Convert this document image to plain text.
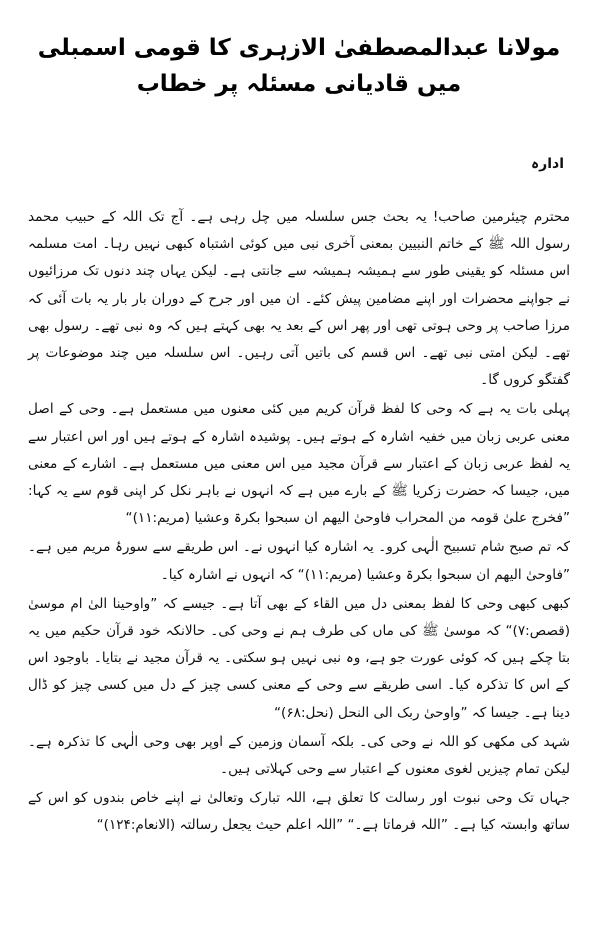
مولانا عبدالمصطفیٰ الازہری کا قومی اسمبلی میں قادیانی مسئلہ پر خطاب
ادارہ

محترم چیئرمین صاحب! یہ بحث جس سلسلہ میں چل رہی ہے۔ آج تک اللہ کے حبیب محمد رسول اللہ ﷺ کے خاتم النبیین بمعنی آخری نبی میں کوئی اشتباہ کبھی نہیں رہا۔ امت مسلمہ اس مسئلہ کو یقینی طور سے ہمیشہ ہمیشہ سے جانتی ہے۔ لیکن یہاں چند دنوں تک مرزائیوں نے جواپنے محضرات اور اپنے مضامین پیش کئے۔ ان میں اور جرح کے دوران بار بار یہ بات آئی کہ مرزا صاحب پر وحی ہوتی تھی اور پھر اس کے بعد یہ بھی کہتے ہیں کہ وہ نبی تھے۔ رسول بھی تھے۔ لیکن امتی نبی تھے۔ اس قسم کی باتیں آتی رہیں۔ اس سلسلہ میں چند موضوعات پر گفتگو کروں گا۔

پہلی بات یہ ہے کہ وحی کا لفظ قرآن کریم میں کئی معنوں میں مستعمل ہے۔ وحی کے اصل معنی عربی زبان میں خفیہ اشارہ کے ہوتے ہیں۔ پوشیدہ اشارہ کے ہوتے ہیں اور اس اعتبار سے یہ لفظ عربی زبان کے اعتبار سے قرآن مجید میں اس معنی میں مستعمل ہے۔ اشارے کے معنی میں، جیسا کہ حضرت زکریا ﷺ کے بارے میں ہے کہ انہوں نے باہر نکل کر اپنی قوم سے یہ کہا: ”فخرج علیٰ قومہ من المحراب فاوحیٰ الیھم ان سبحوا بکرۃ وعشیا (مریم:۱۱)“

کہ تم صبح شام تسبیح الٰہی کرو۔ یہ اشارہ کیا انہوں نے۔ اس طریقے سے سورۂ مریم میں ہے۔ ”فاوحیٰ الیھم ان سبحوا بکرۃ وعشیا (مریم:۱۱)“ کہ انہوں نے اشارہ کیا۔

کبھی کبھی وحی کا لفظ بمعنی دل میں القاء کے بھی آتا ہے۔ جیسے کہ ”واوحینا الیٰ ام موسیٰ (قصص:۷)“ کہ موسیٰ ﷺ کی ماں کی طرف ہم نے وحی کی۔ حالانکہ خود قرآن حکیم میں یہ بتا چکے ہیں کہ کوئی عورت جو ہے، وہ نبی نہیں ہو سکتی۔ یہ قرآن مجید نے بتایا۔ باوجود اس کے اس کا تذکرہ کیا۔ اسی طریقے سے وحی کے معنی کسی چیز کے دل میں کسی چیز کو ڈال دینا ہے۔ جیسا کہ ”واوحیٰ ربک الی النحل (نحل:۶۸)“

شہد کی مکھی کو اللہ نے وحی کی۔ بلکہ آسمان وزمین کے اوپر بھی وحی الٰہی کا تذکرہ ہے۔ لیکن تمام چیزیں لغوی معنوں کے اعتبار سے وحی کہلاتی ہیں۔

جہاں تک وحی نبوت اور رسالت کا تعلق ہے، اللہ تبارک وتعالیٰ نے اپنے خاص بندوں کو اس کے ساتھ وابستہ کیا ہے۔ ”اللہ فرماتا ہے۔“ ”اللہ اعلم حیث یجعل رسالتہ (الانعام:۱۲۴)“
